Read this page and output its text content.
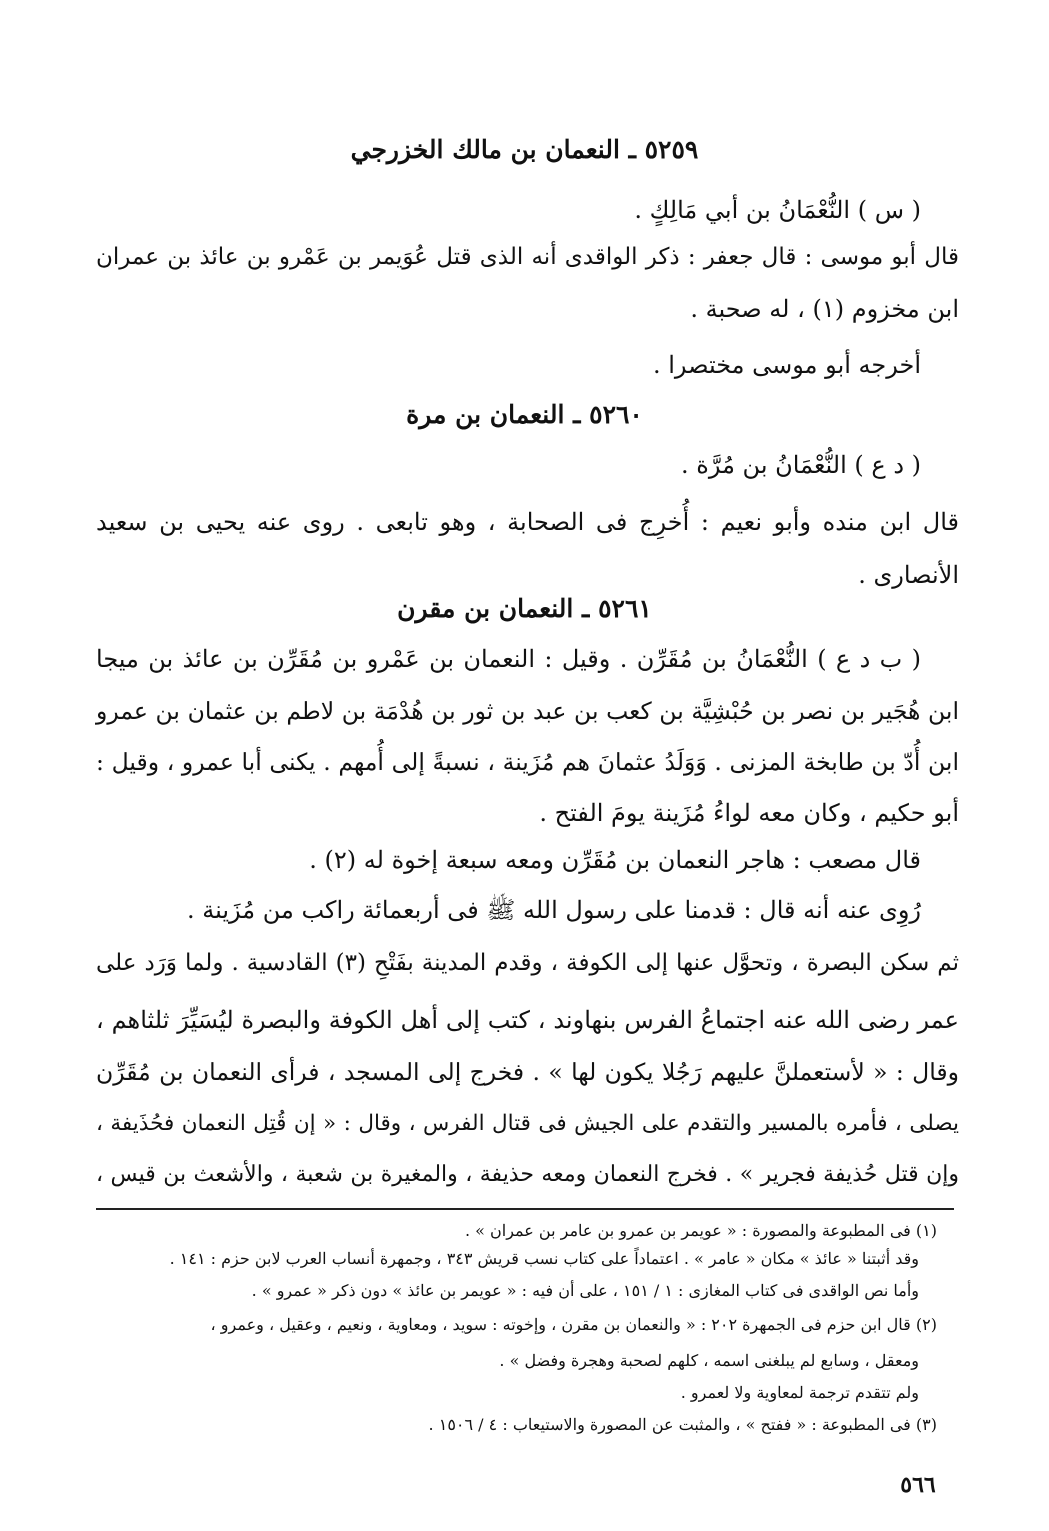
٥٢٥٩ ـ النعمان بن مالك الخزرجي
( س ) النُّعْمَانُ بن أبي مَالِكٍ .
قال أبو موسى : قال جعفر : ذكر الواقدى أنه الذى قتل عُوَيمر بن عَمْرو بن عائذ بن عمران
ابن مخزوم (١) ، له صحبة .
أخرجه أبو موسى مختصرا .
٥٢٦٠ ـ النعمان بن مرة
( د ع ) النُّعْمَانُ بن مُرَّة .
قال ابن منده وأبو نعيم : أُخرِج فى الصحابة ، وهو تابعى . روى عنه يحيى بن سعيد
الأنصارى .
٥٢٦١ ـ النعمان بن مقرن
( ب د ع ) النُّعْمَانُ بن مُقَرِّن . وقيل : النعمان بن عَمْرو بن مُقَرِّن بن عائذ بن ميجا
ابن هُجَير بن نصر بن حُبْشِيَّة بن كعب بن عبد بن ثور بن هُدْمَة بن لاطم بن عثمان بن عمرو
ابن أُدّ بن طابخة المزنى . وَوَلَدُ عثمانَ هم مُزَينة ، نسبةً إلى أُمهم . يكنى أبا عمرو ، وقيل :
أبو حكيم ، وكان معه لواءُ مُزَينة يومَ الفتح .
قال مصعب : هاجر النعمان بن مُقَرِّن ومعه سبعة إخوة له (٢) .
رُوِى عنه أنه قال : قدمنا على رسول الله ﷺ فى أربعمائة راكب من مُزَينة .
ثم سكن البصرة ، وتحوَّل عنها إلى الكوفة ، وقدم المدينة بفَتْحِ (٣) القادسية . ولما وَرَد على
عمر رضى الله عنه اجتماعُ الفرس بنهاوند ، كتب إلى أهل الكوفة والبصرة ليُسَيِّرَ ثلثاهم ،
وقال : « لأستعملنَّ عليهم رَجُلا يكون لها » . فخرج إلى المسجد ، فرأى النعمان بن مُقَرِّن
يصلى ، فأمره بالمسير والتقدم على الجيش فى قتال الفرس ، وقال : « إن قُتِل النعمان فحُذَيفة ،
وإن قتل حُذيفة فجرير » . فخرج النعمان ومعه حذيفة ، والمغيرة بن شعبة ، والأشعث بن قيس ،
(١) فى المطبوعة والمصورة : « عويمر بن عمرو بن عامر بن عمران » .
وقد أثبتنا « عائذ » مكان « عامر » . اعتماداً على كتاب نسب قريش ٣٤٣ ، وجمهرة أنساب العرب لابن حزم : ١٤١ .
وأما نص الواقدى فى كتاب المغازى : ١ / ١٥١ ، على أن فيه : « عويمر بن عائذ » دون ذكر « عمرو » .
(٢) قال ابن حزم فى الجمهرة ٢٠٢ : « والنعمان بن مقرن ، وإخوته : سويد ، ومعاوية ، ونعيم ، وعقيل ، وعمرو ،
ومعقل ، وسابع لم يبلغنى اسمه ، كلهم لصحبة وهجرة وفضل » .
ولم تتقدم ترجمة لمعاوية ولا لعمرو .
(٣) فى المطبوعة : « ففتح » ، والمثبت عن المصورة والاستيعاب : ٤ / ١٥٠٦ .
٥٦٦
